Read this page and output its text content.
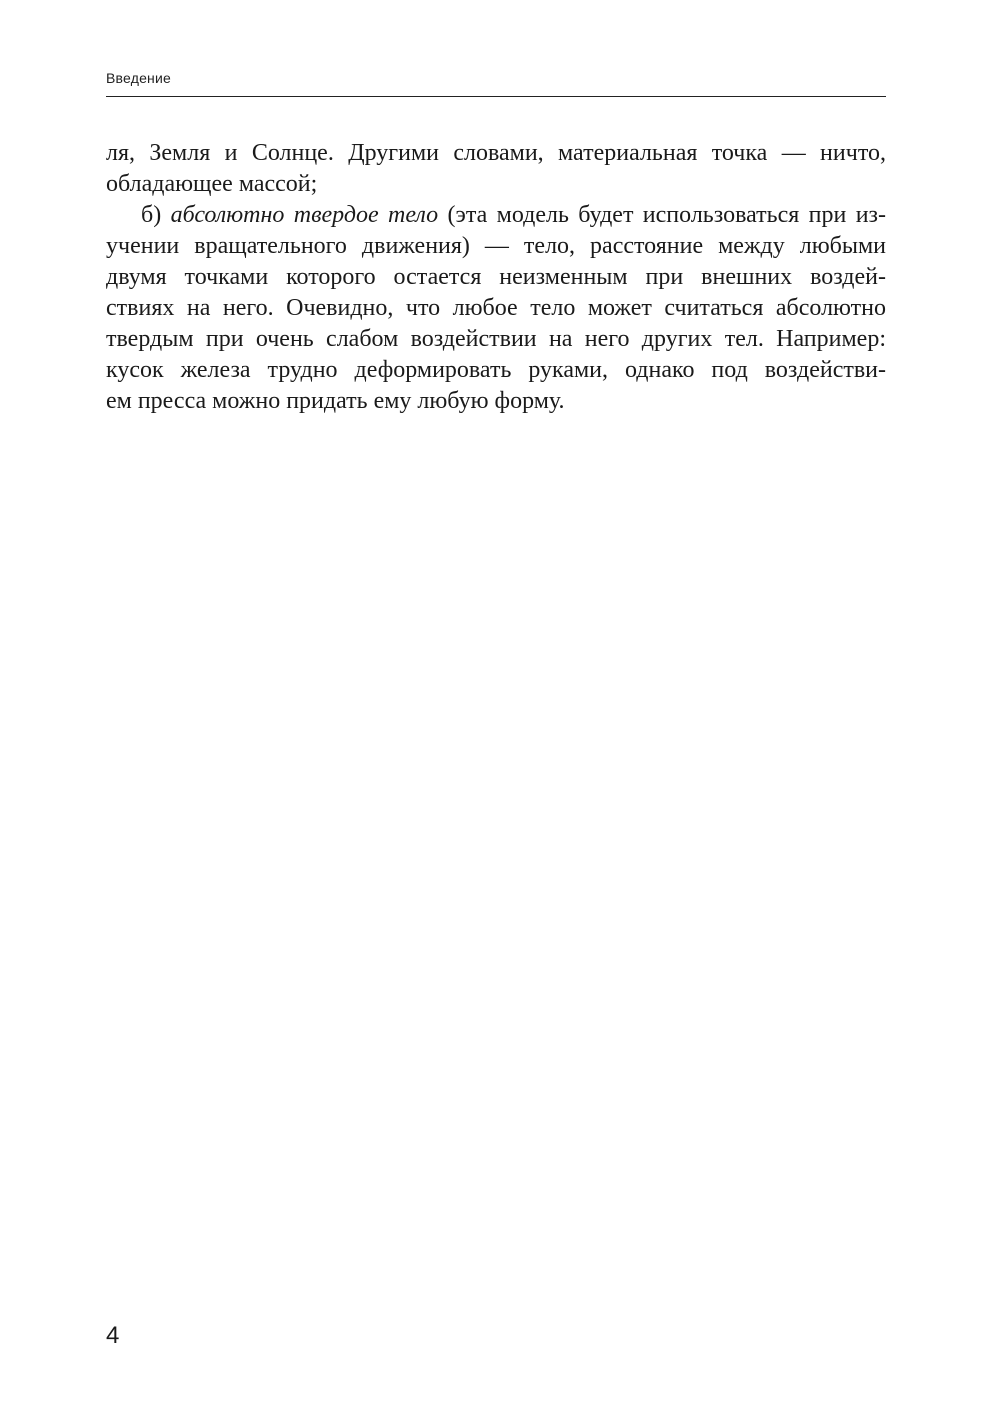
Введение
ля, Земля и Солнце. Другими словами, материальная точка — ничто,
обладающее массой;
б) абсолютно твердое тело (эта модель будет использоваться при из-
учении вращательного движения) — тело, расстояние между любыми
двумя точками которого остается неизменным при внешних воздей-
ствиях на него. Очевидно, что любое тело может считаться абсолютно
твердым при очень слабом воздействии на него других тел. Например:
кусок железа трудно деформировать руками, однако под воздействи-
ем пресса можно придать ему любую форму.
4
